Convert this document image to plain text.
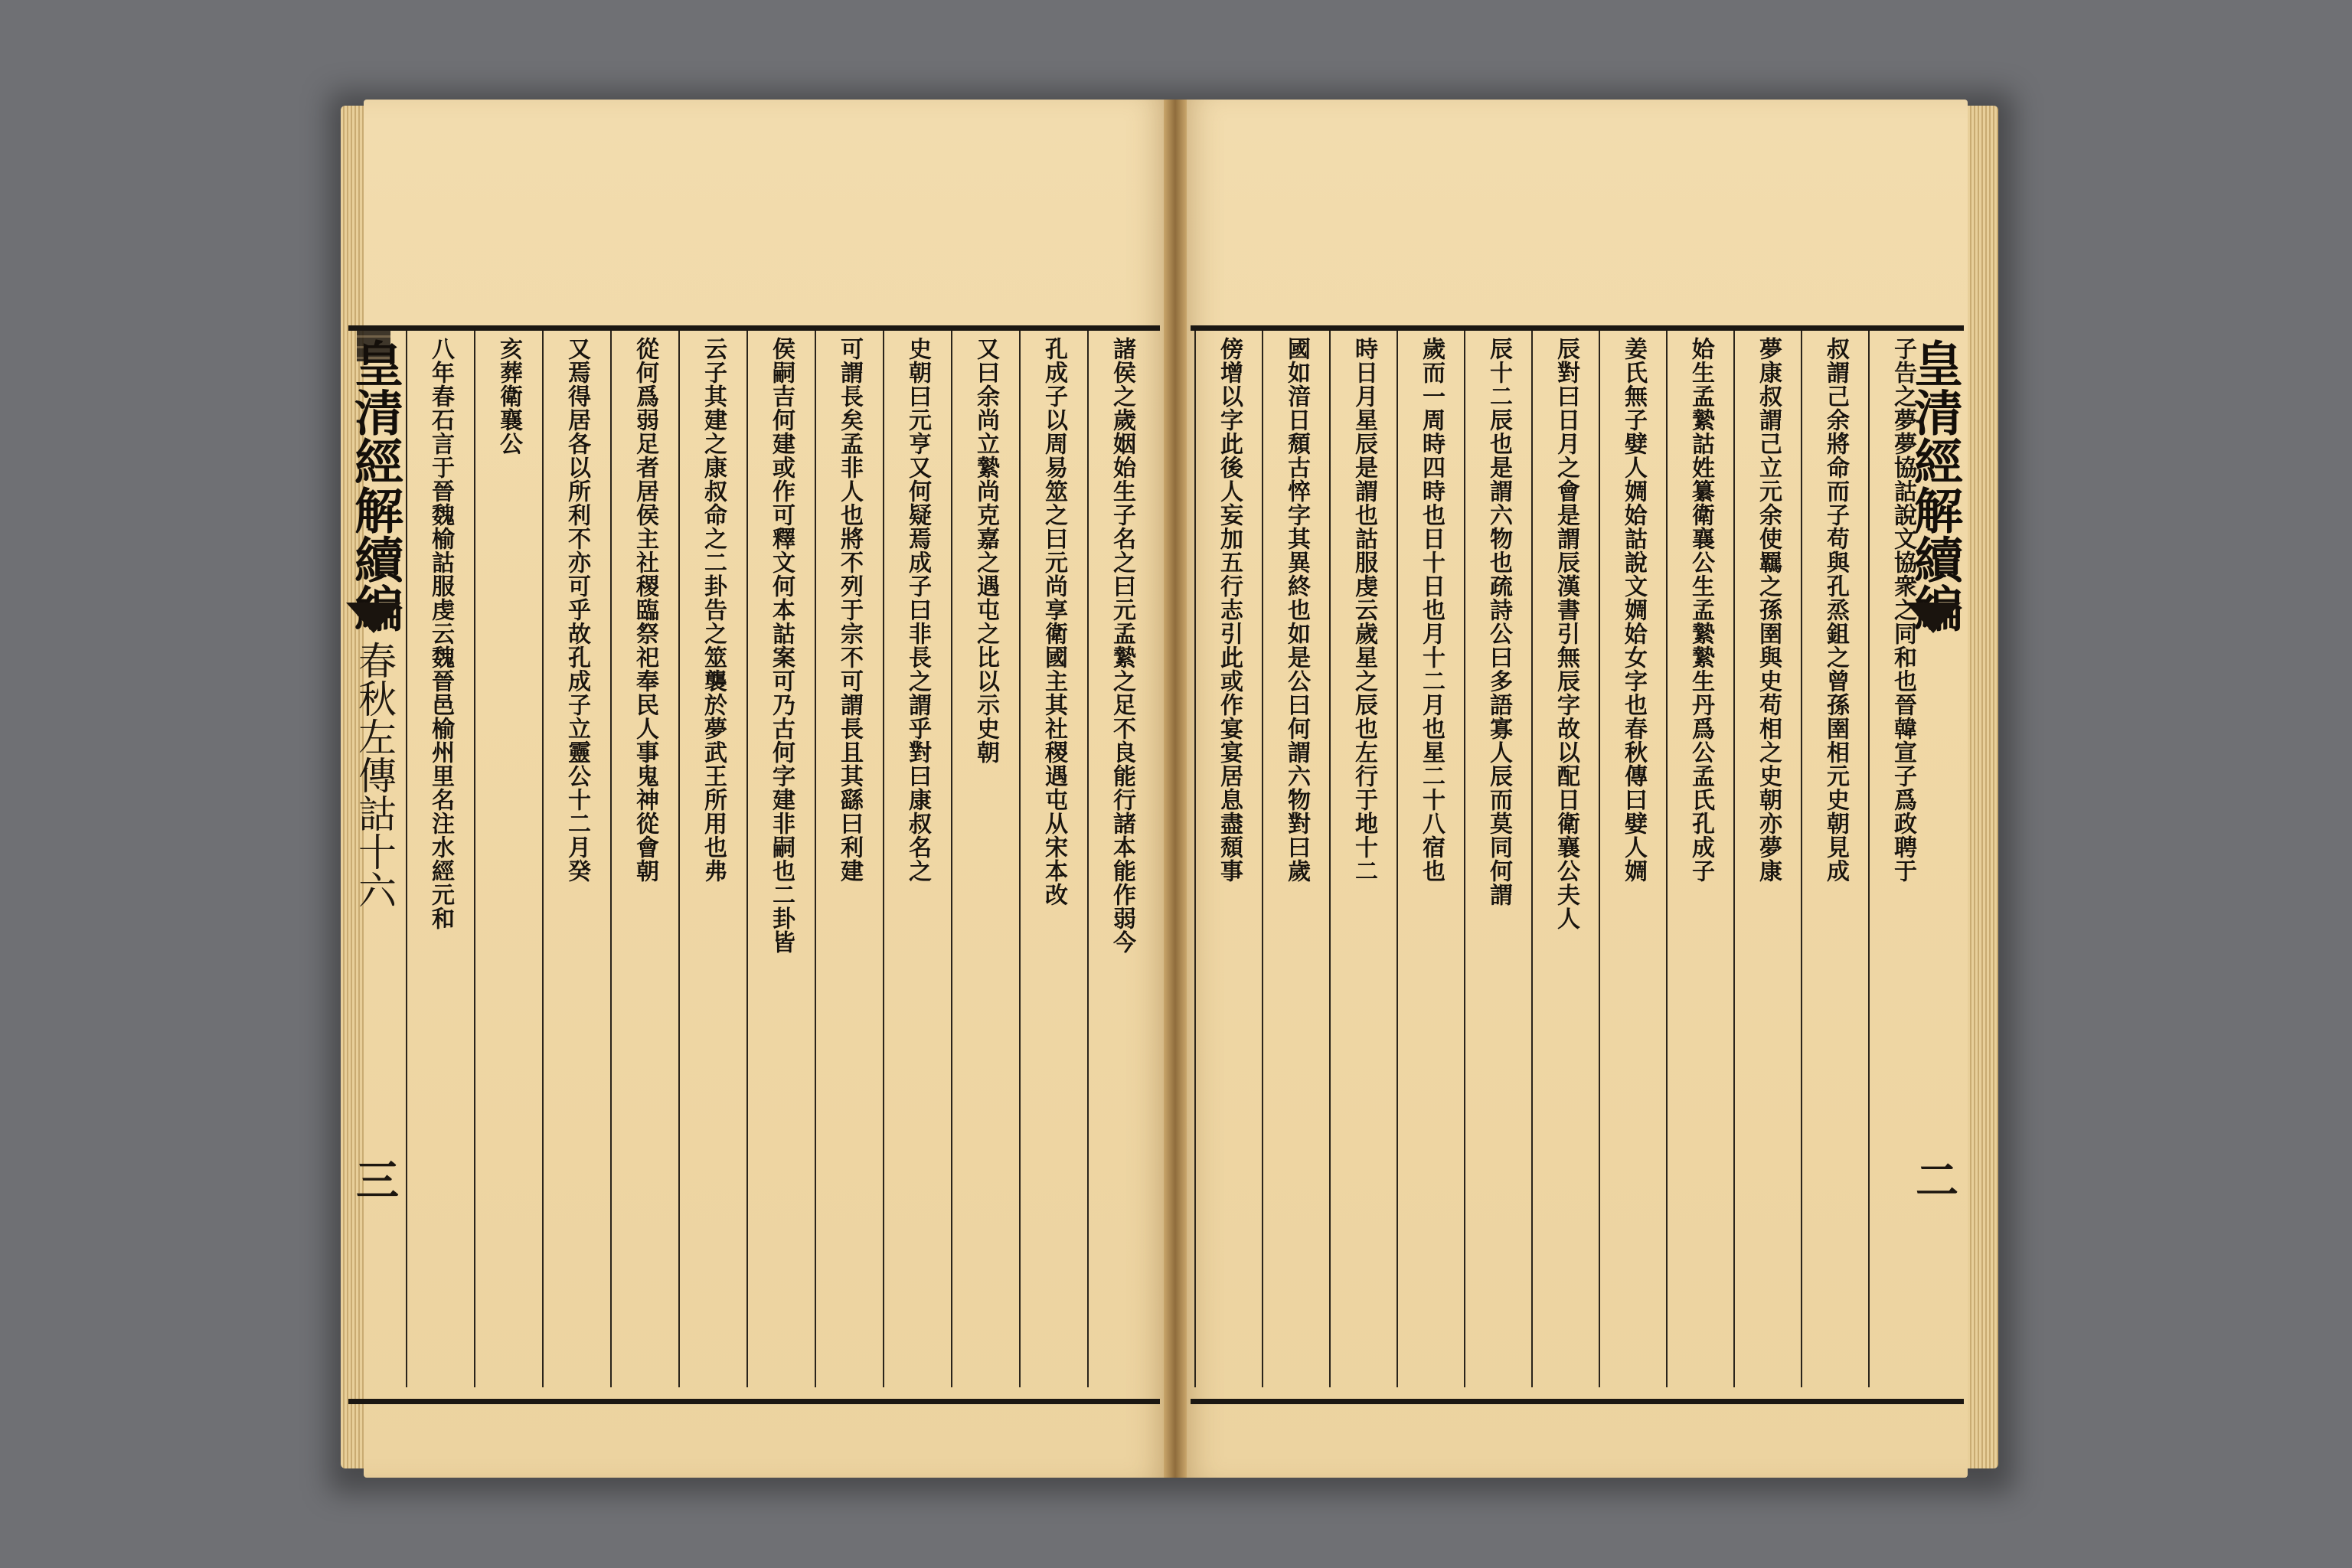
皇清經解續編
春秋左傳詁十六
三
八年春石言于晉魏榆詁服虔云魏晉邑榆州里名注水經元和	亥葬衛襄公	又焉得居各以所利不亦可乎故孔成子立靈公十二月癸	從何爲弱足者居侯主社稷臨祭祀奉民人事鬼神從會朝	云子其建之康叔命之二卦告之筮襲於夢武王所用也弗	侯嗣吉何建或作可釋文何本詁案可乃古何字建非嗣也二卦皆	可謂長矣孟非人也將不列于宗不可謂長且其繇曰利建	史朝曰元亨又何疑焉成子曰非長之謂乎對曰康叔名之	又曰余尚立縶尚克嘉之遇屯之比以示史朝	孔成子以周易筮之曰元尚享衛國主其社稷遇屯从宋本改	諸侯之歲姻始生子名之曰元孟縶之足不良能行諸本能作弱今	皇清經解續編
二
傍增以字此後人妄加五行志引此或作宴宴居息盡頹事	國如湆日頹古悴字其異終也如是公曰何謂六物對曰歲	時日月星辰是謂也詁服虔云歲星之辰也左行于地十二	歲而一周時四時也日十日也月十二月也星二十八宿也	辰十二辰也是謂六物也疏詩公曰多語寡人辰而莫同何謂	辰對曰日月之會是謂辰漢書引無辰字故以配日衛襄公夫人	姜氏無子嬖人婤姶詁說文婤姶女字也春秋傳曰嬖人婤	姶生孟縶詁姓纂衛襄公生孟縶縶生丹爲公孟氏孔成子	夢康叔謂己立元余使羈之孫圉與史苟相之史朝亦夢康	叔謂己余將命而子苟與孔烝鉏之曾孫圉相元史朝見成	子告之夢夢協詁說文協衆之同和也晉韓宣子爲政聘于
